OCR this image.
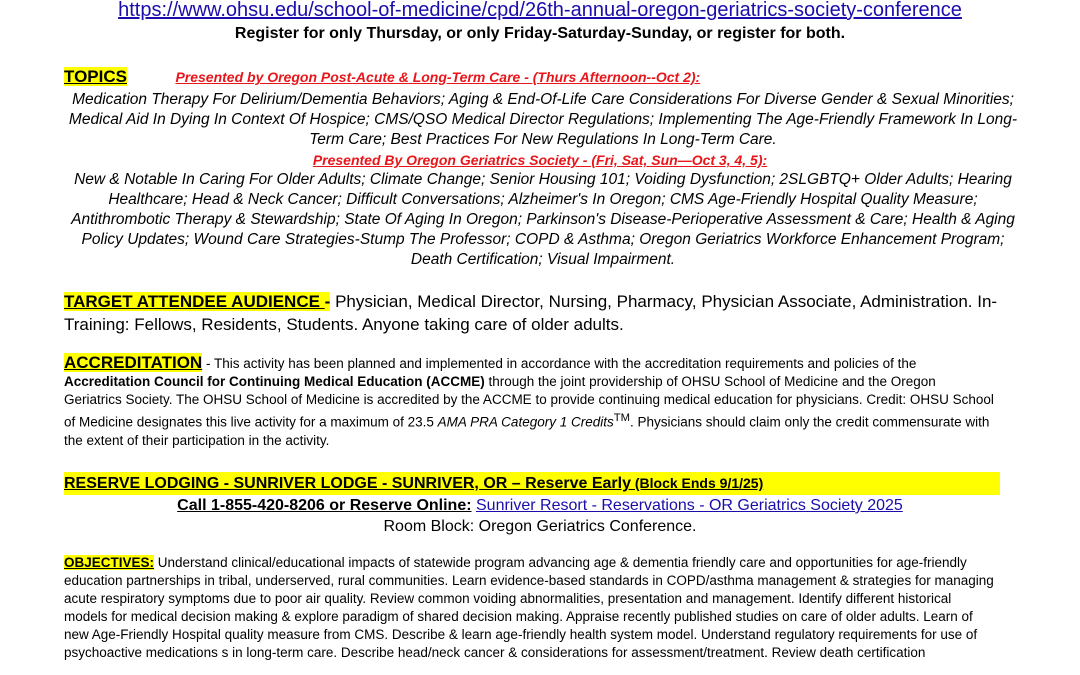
https://www.ohsu.edu/school-of-medicine/cpd/26th-annual-oregon-geriatrics-society-conference
Register for only Thursday, or only Friday-Saturday-Sunday, or register for both.
TOPICS	Presented by Oregon Post-Acute & Long-Term Care - (Thurs Afternoon--Oct 2):
Medication Therapy For Delirium/Dementia Behaviors; Aging & End-Of-Life Care Considerations For Diverse Gender & Sexual Minorities; Medical Aid In Dying In Context Of Hospice; CMS/QSO Medical Director Regulations; Implementing The Age-Friendly Framework In Long-Term Care; Best Practices For New Regulations In Long-Term Care.
Presented By Oregon Geriatrics Society - (Fri, Sat, Sun—Oct 3, 4, 5):
New & Notable In Caring For Older Adults; Climate Change; Senior Housing 101; Voiding Dysfunction; 2SLGBTQ+ Older Adults; Hearing Healthcare; Head & Neck Cancer; Difficult Conversations; Alzheimer's In Oregon; CMS Age-Friendly Hospital Quality Measure; Antithrombotic Therapy & Stewardship; State Of Aging In Oregon; Parkinson's Disease-Perioperative Assessment & Care; Health & Aging Policy Updates; Wound Care Strategies-Stump The Professor; COPD & Asthma; Oregon Geriatrics Workforce Enhancement Program; Death Certification; Visual Impairment.
TARGET ATTENDEE AUDIENCE - Physician, Medical Director, Nursing, Pharmacy, Physician Associate, Administration. In-Training: Fellows, Residents, Students. Anyone taking care of older adults.
ACCREDITATION - This activity has been planned and implemented in accordance with the accreditation requirements and policies of the Accreditation Council for Continuing Medical Education (ACCME) through the joint providership of OHSU School of Medicine and the Oregon Geriatrics Society. The OHSU School of Medicine is accredited by the ACCME to provide continuing medical education for physicians. Credit: OHSU School of Medicine designates this live activity for a maximum of 23.5 AMA PRA Category 1 Credits™. Physicians should claim only the credit commensurate with the extent of their participation in the activity.
RESERVE LODGING - SUNRIVER LODGE - SUNRIVER, OR – Reserve Early (Block Ends 9/1/25)
Call 1-855-420-8206 or Reserve Online: Sunriver Resort - Reservations - OR Geriatrics Society 2025
Room Block: Oregon Geriatrics Conference.
OBJECTIVES: Understand clinical/educational impacts of statewide program advancing age & dementia friendly care and opportunities for age-friendly education partnerships in tribal, underserved, rural communities. Learn evidence-based standards in COPD/asthma management & strategies for managing acute respiratory symptoms due to poor air quality. Review common voiding abnormalities, presentation and management. Identify different historical models for medical decision making & explore paradigm of shared decision making. Appraise recently published studies on care of older adults. Learn of new Age-Friendly Hospital quality measure from CMS. Describe & learn age-friendly health system model. Understand regulatory requirements for use of psychoactive medications s in long-term care. Describe head/neck cancer & considerations for assessment/treatment. Review death certification
